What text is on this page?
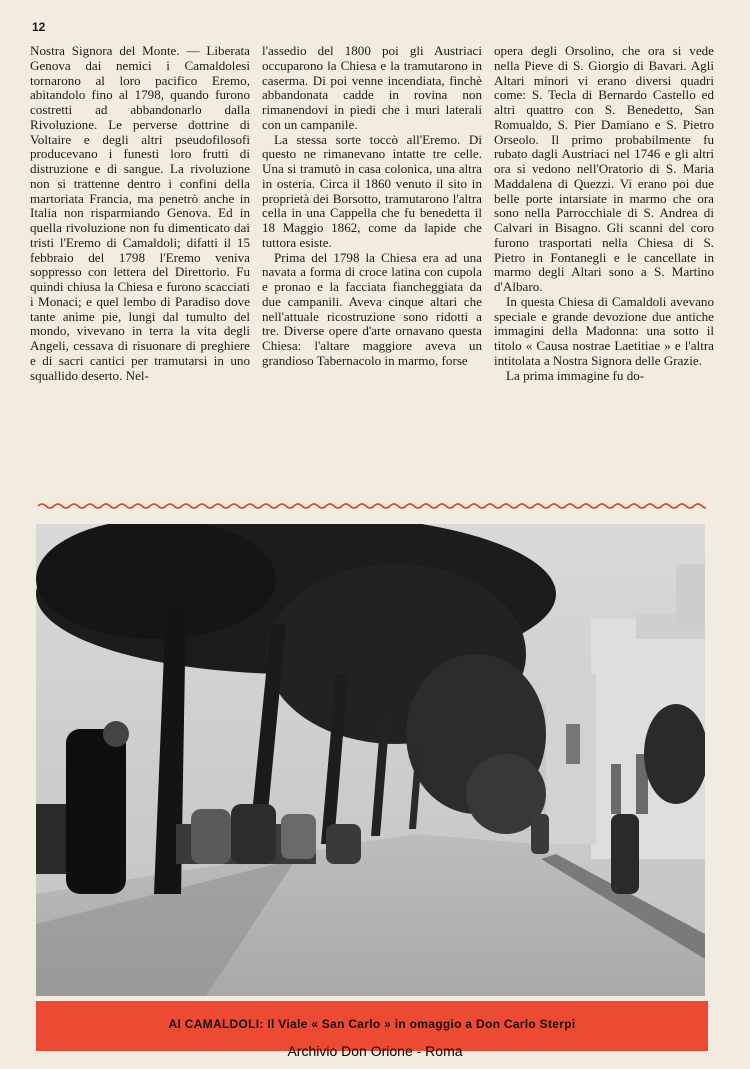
12

Nostra Signora del Monte. — Liberata Genova dai nemici i Camaldolesi tornarono al loro pacifico Eremo, abitandolo fino al 1798, quando furono costretti ad abbandonarlo dalla Rivoluzione. Le perverse dottrine di Voltaire e degli altri pseudofilosofi producevano i funesti loro frutti di distruzione e di sangue. La rivoluzione non si trattenne dentro i confini della martoriata Francia, ma penetrò anche in Italia non risparmiando Genova. Ed in quella rivoluzione non fu dimenticato dai tristi l'Eremo di Camaldoli; difatti il 15 febbraio del 1798 l'Eremo veniva soppresso con lettera del Direttorio. Fu quindi chiusa la Chiesa e furono scacciati i Monaci; e quel lembo di Paradiso dove tante anime pie, lungi dal tumulto del mondo, vivevano in terra la vita degli Angeli, cessava di risuonare di preghiere e di sacri cantici per tramutarsi in uno squallido deserto. Nel-

l'assedio del 1800 poi gli Austriaci occuparono la Chiesa e la tramutarono in caserma. Di poi venne incendiata, finchè abbandonata cadde in rovina non rimanendovi in piedi che i muri laterali con un campanile.

La stessa sorte toccò all'Eremo. Di questo ne rimanevano intatte tre celle. Una si tramutò in casa colonica, una altra in osteria. Circa il 1860 venuto il sito in proprietà dei Borsotto, tramutarono l'altra cella in una Cappella che fu benedetta il 18 Maggio 1862, come da lapide che tuttora esiste.

Prima del 1798 la Chiesa era ad una navata a forma di croce latina con cupola e pronao e la facciata fiancheggiata da due campanili. Aveva cinque altari che nell'attuale ricostruzione sono ridotti a tre. Diverse opere d'arte ornavano questa Chiesa: l'altare maggiore aveva un grandioso Tabernacolo in marmo, forse

opera degli Orsolino, che ora si vede nella Pieve di S. Giorgio di Bavari. Agli Altari minori vi erano diversi quadri come: S. Tecla di Bernardo Castello ed altri quattro con S. Benedetto, San Romualdo, S. Pier Damiano e S. Pietro Orseolo. Il primo probabilmente fu rubato dagli Austriaci nel 1746 e gli altri ora si vedono nell'Oratorio di S. Maria Maddalena di Quezzi. Vi erano poi due belle porte intarsiate in marmo che ora sono nella Parrocchiale di S. Andrea di Calvari in Bisagno. Gli scanni del coro furono trasportati nella Chiesa di S. Pietro in Fontanegli e le cancellate in marmo degli Altari sono a S. Martino d'Albaro.

In questa Chiesa di Camaldoli avevano speciale e grande devozione due antiche immagini della Madonna: una sotto il titolo « Causa nostrae Laetitiae » e l'altra intitolata a Nostra Signora delle Grazie.

La prima immagine fu do-

AI CAMALDOLI: Il Viale « San Carlo » in omaggio a Don Carlo Sterpi
Archivio Don Orione - Roma
